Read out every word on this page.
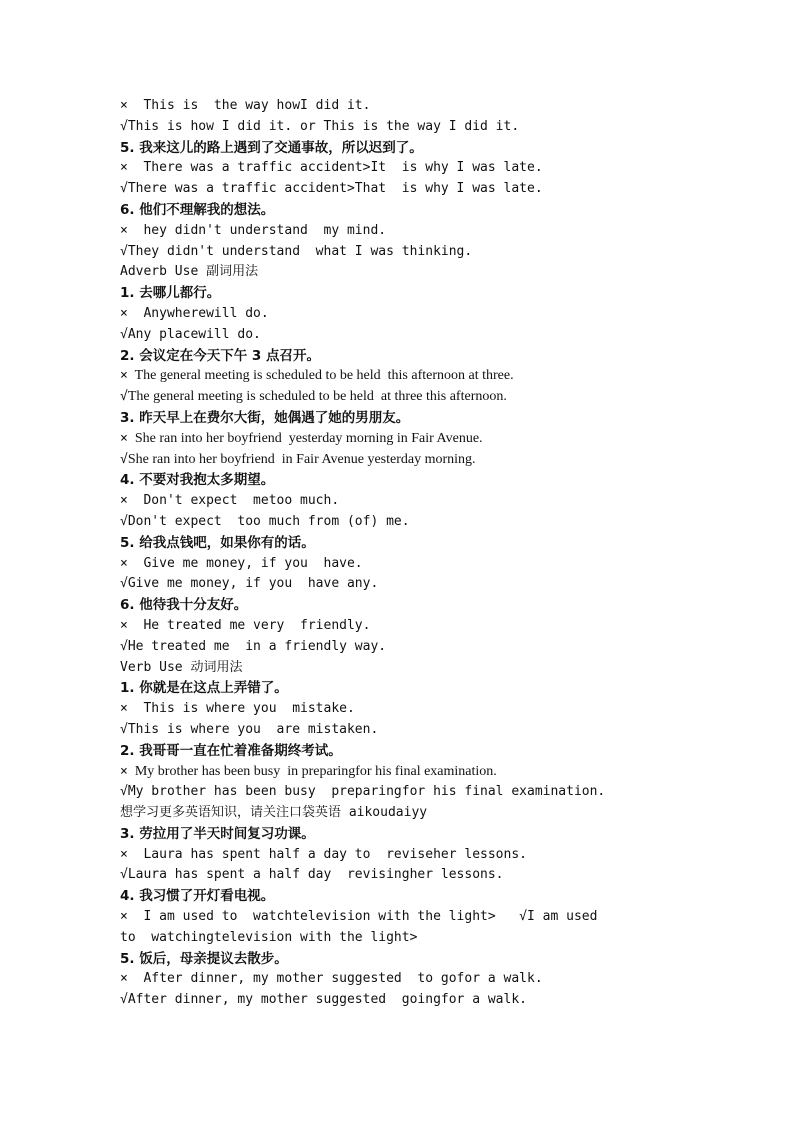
×  This is  the way howI did it.
√This is how I did it. or This is the way I did it.
5. 我来这儿的路上遇到了交通事故，所以迟到了。
×  There was a traffic accident>It  is why I was late.
√There was a traffic accident>That  is why I was late.
6. 他们不理解我的想法。
×  hey didn't understand  my mind.
√They didn't understand  what I was thinking.
Adverb Use 副词用法
1. 去哪儿都行。
×  Anywherewill do.
√Any placewill do.
2. 会议定在今天下午 3 点召开。
×  The general meeting is scheduled to be held  this afternoon at three.
√The general meeting is scheduled to be held  at three this afternoon.
3. 昨天早上在费尔大街，她偶遇了她的男朋友。
×  She ran into her boyfriend  yesterday morning in Fair Avenue.
√She ran into her boyfriend  in Fair Avenue yesterday morning.
4. 不要对我抱太多期望。
×  Don't expect  metoo much.
√Don't expect  too much from (of) me.
5. 给我点钱吧，如果你有的话。
×  Give me money, if you  have.
√Give me money, if you  have any.
6. 他待我十分友好。
×  He treated me very  friendly.
√He treated me  in a friendly way.
Verb Use 动词用法
1. 你就是在这点上弄错了。
×  This is where you  mistake.
√This is where you  are mistaken.
2. 我哥哥一直在忙着准备期终考试。
×  My brother has been busy  in preparingfor his final examination.
√My brother has been busy  preparingfor his final examination.
想学习更多英语知识，请关注口袋英语 aikoudaiyy
3. 劳拉用了半天时间复习功课。
×  Laura has spent half a day to  reviseher lessons.
√Laura has spent a half day  revisingher lessons.
4. 我习惯了开灯看电视。
×  I am used to  watchtelevision with the light>   √I am used
to  watchingtelevision with the light>
5. 饭后，母亲提议去散步。
×  After dinner, my mother suggested  to gofor a walk.
√After dinner, my mother suggested  goingfor a walk.
